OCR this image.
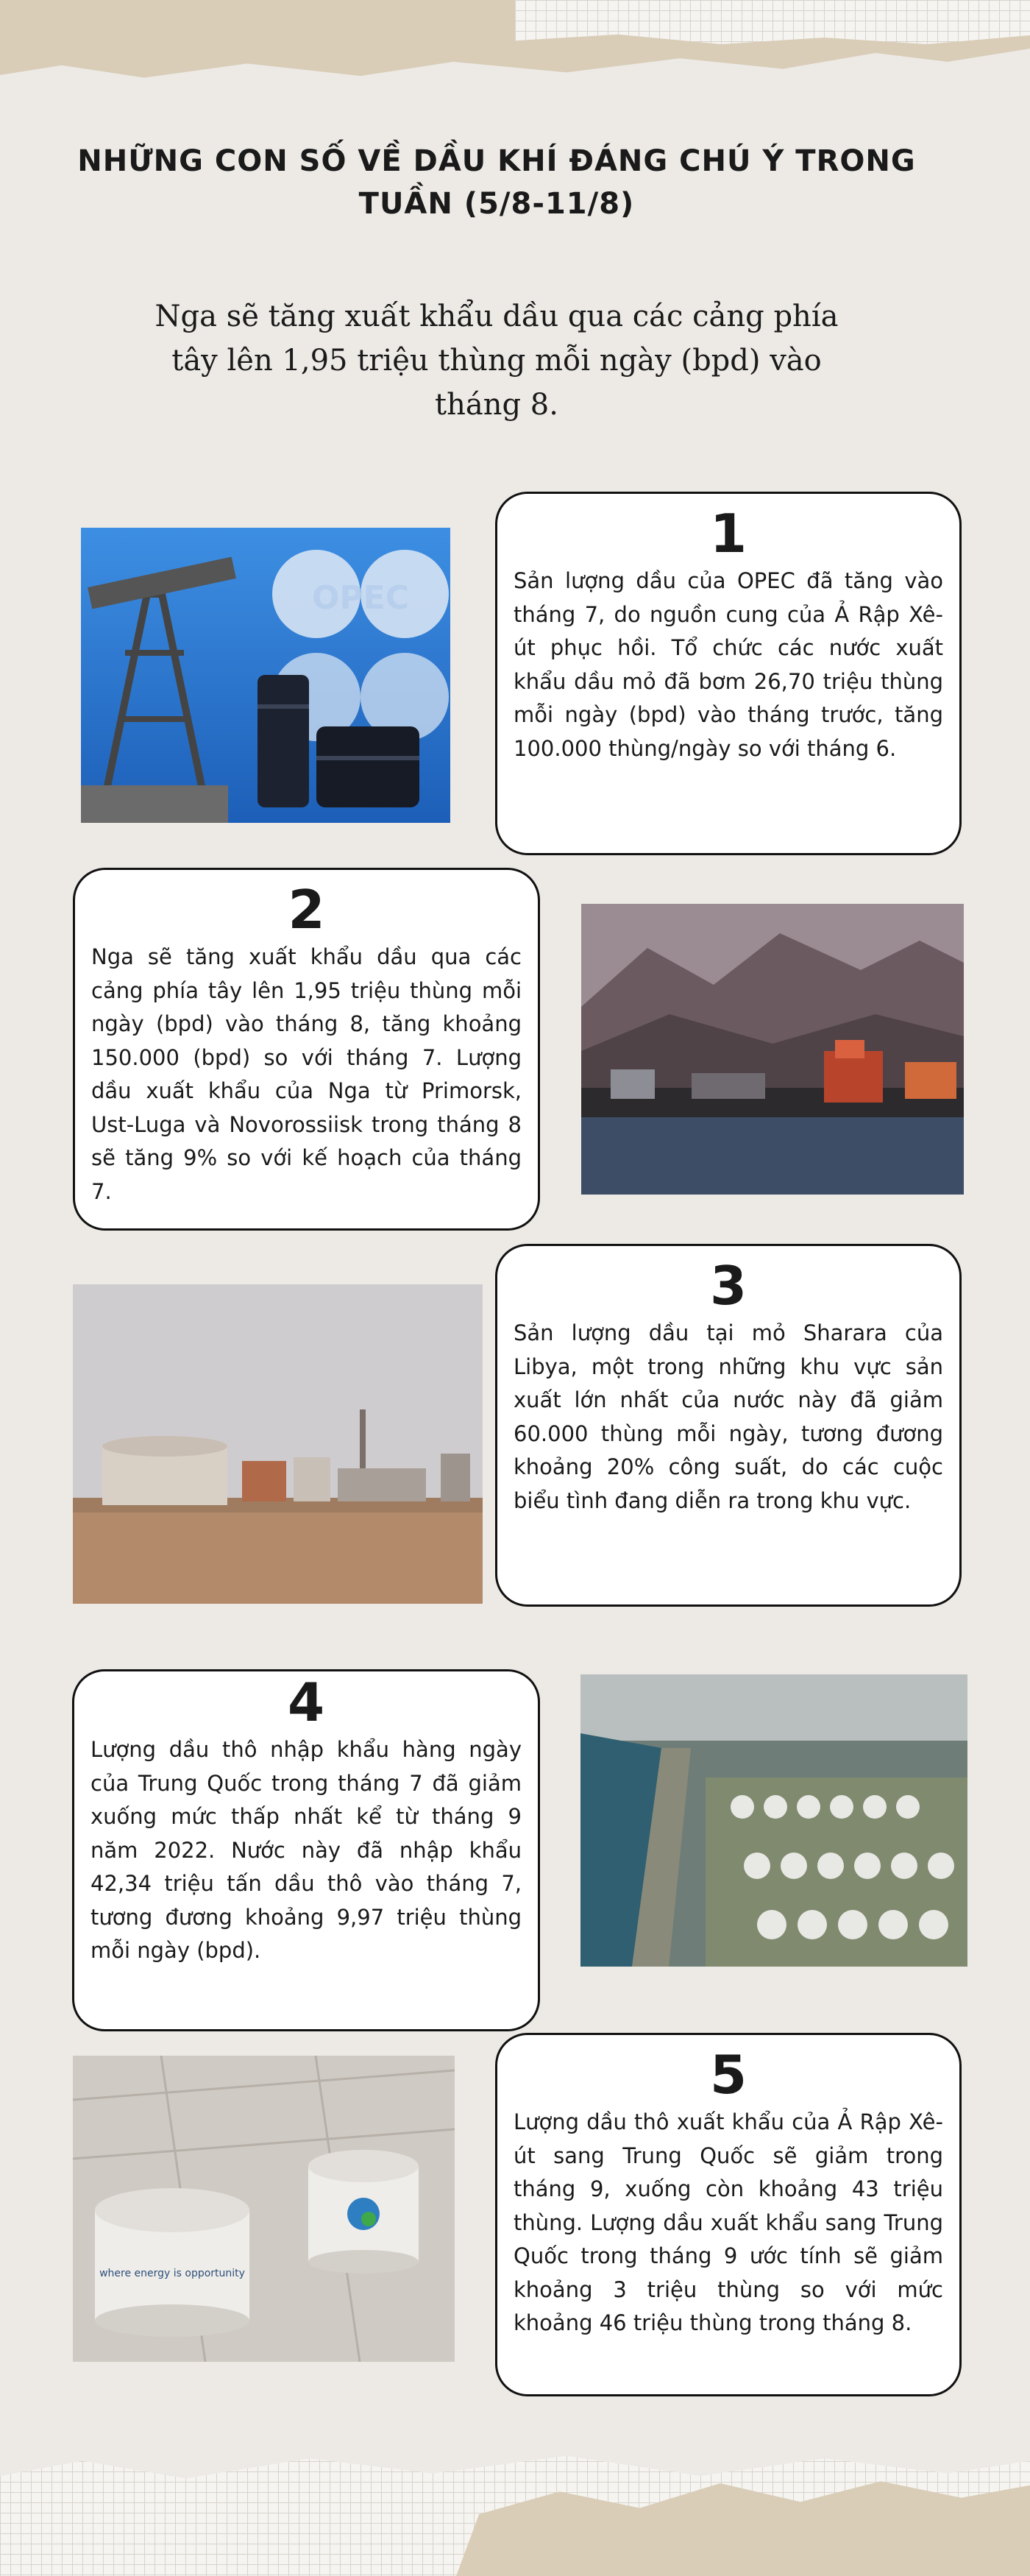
NHỮNG CON SỐ VỀ DẦU KHÍ ĐÁNG CHÚ Ý TRONG TUẦN (5/8-11/8)

Nga sẽ tăng xuất khẩu dầu qua các cảng phía tây lên 1,95 triệu thùng mỗi ngày (bpd) vào tháng 8.

OPEC
1
Sản lượng dầu của OPEC đã tăng vào tháng 7, do nguồn cung của Ả Rập Xê-út phục hồi. Tổ chức các nước xuất khẩu dầu mỏ đã bơm 26,70 triệu thùng mỗi ngày (bpd) vào tháng trước, tăng 100.000 thùng/ngày so với tháng 6.
2
Nga sẽ tăng xuất khẩu dầu qua các cảng phía tây lên 1,95 triệu thùng mỗi ngày (bpd) vào tháng 8, tăng khoảng 150.000 (bpd) so với tháng 7. Lượng dầu xuất khẩu của Nga từ Primorsk, Ust-Luga và Novorossiisk trong tháng 8 sẽ tăng 9% so với kế hoạch của tháng 7.
3
Sản lượng dầu tại mỏ Sharara của Libya, một trong những khu vực sản xuất lớn nhất của nước này đã giảm 60.000 thùng mỗi ngày, tương đương khoảng 20% công suất, do các cuộc biểu tình đang diễn ra trong khu vực.
4
Lượng dầu thô nhập khẩu hàng ngày của Trung Quốc trong tháng 7 đã giảm xuống mức thấp nhất kể từ tháng 9 năm 2022. Nước này đã nhập khẩu 42,34 triệu tấn dầu thô vào tháng 7, tương đương khoảng 9,97 triệu thùng mỗi ngày (bpd).
where energy is opportunity
5
Lượng dầu thô xuất khẩu của Ả Rập Xê-út sang Trung Quốc sẽ giảm trong tháng 9, xuống còn khoảng 43 triệu thùng. Lượng dầu xuất khẩu sang Trung Quốc trong tháng 9 ước tính sẽ giảm khoảng 3 triệu thùng so với mức khoảng 46 triệu thùng trong tháng 8.
